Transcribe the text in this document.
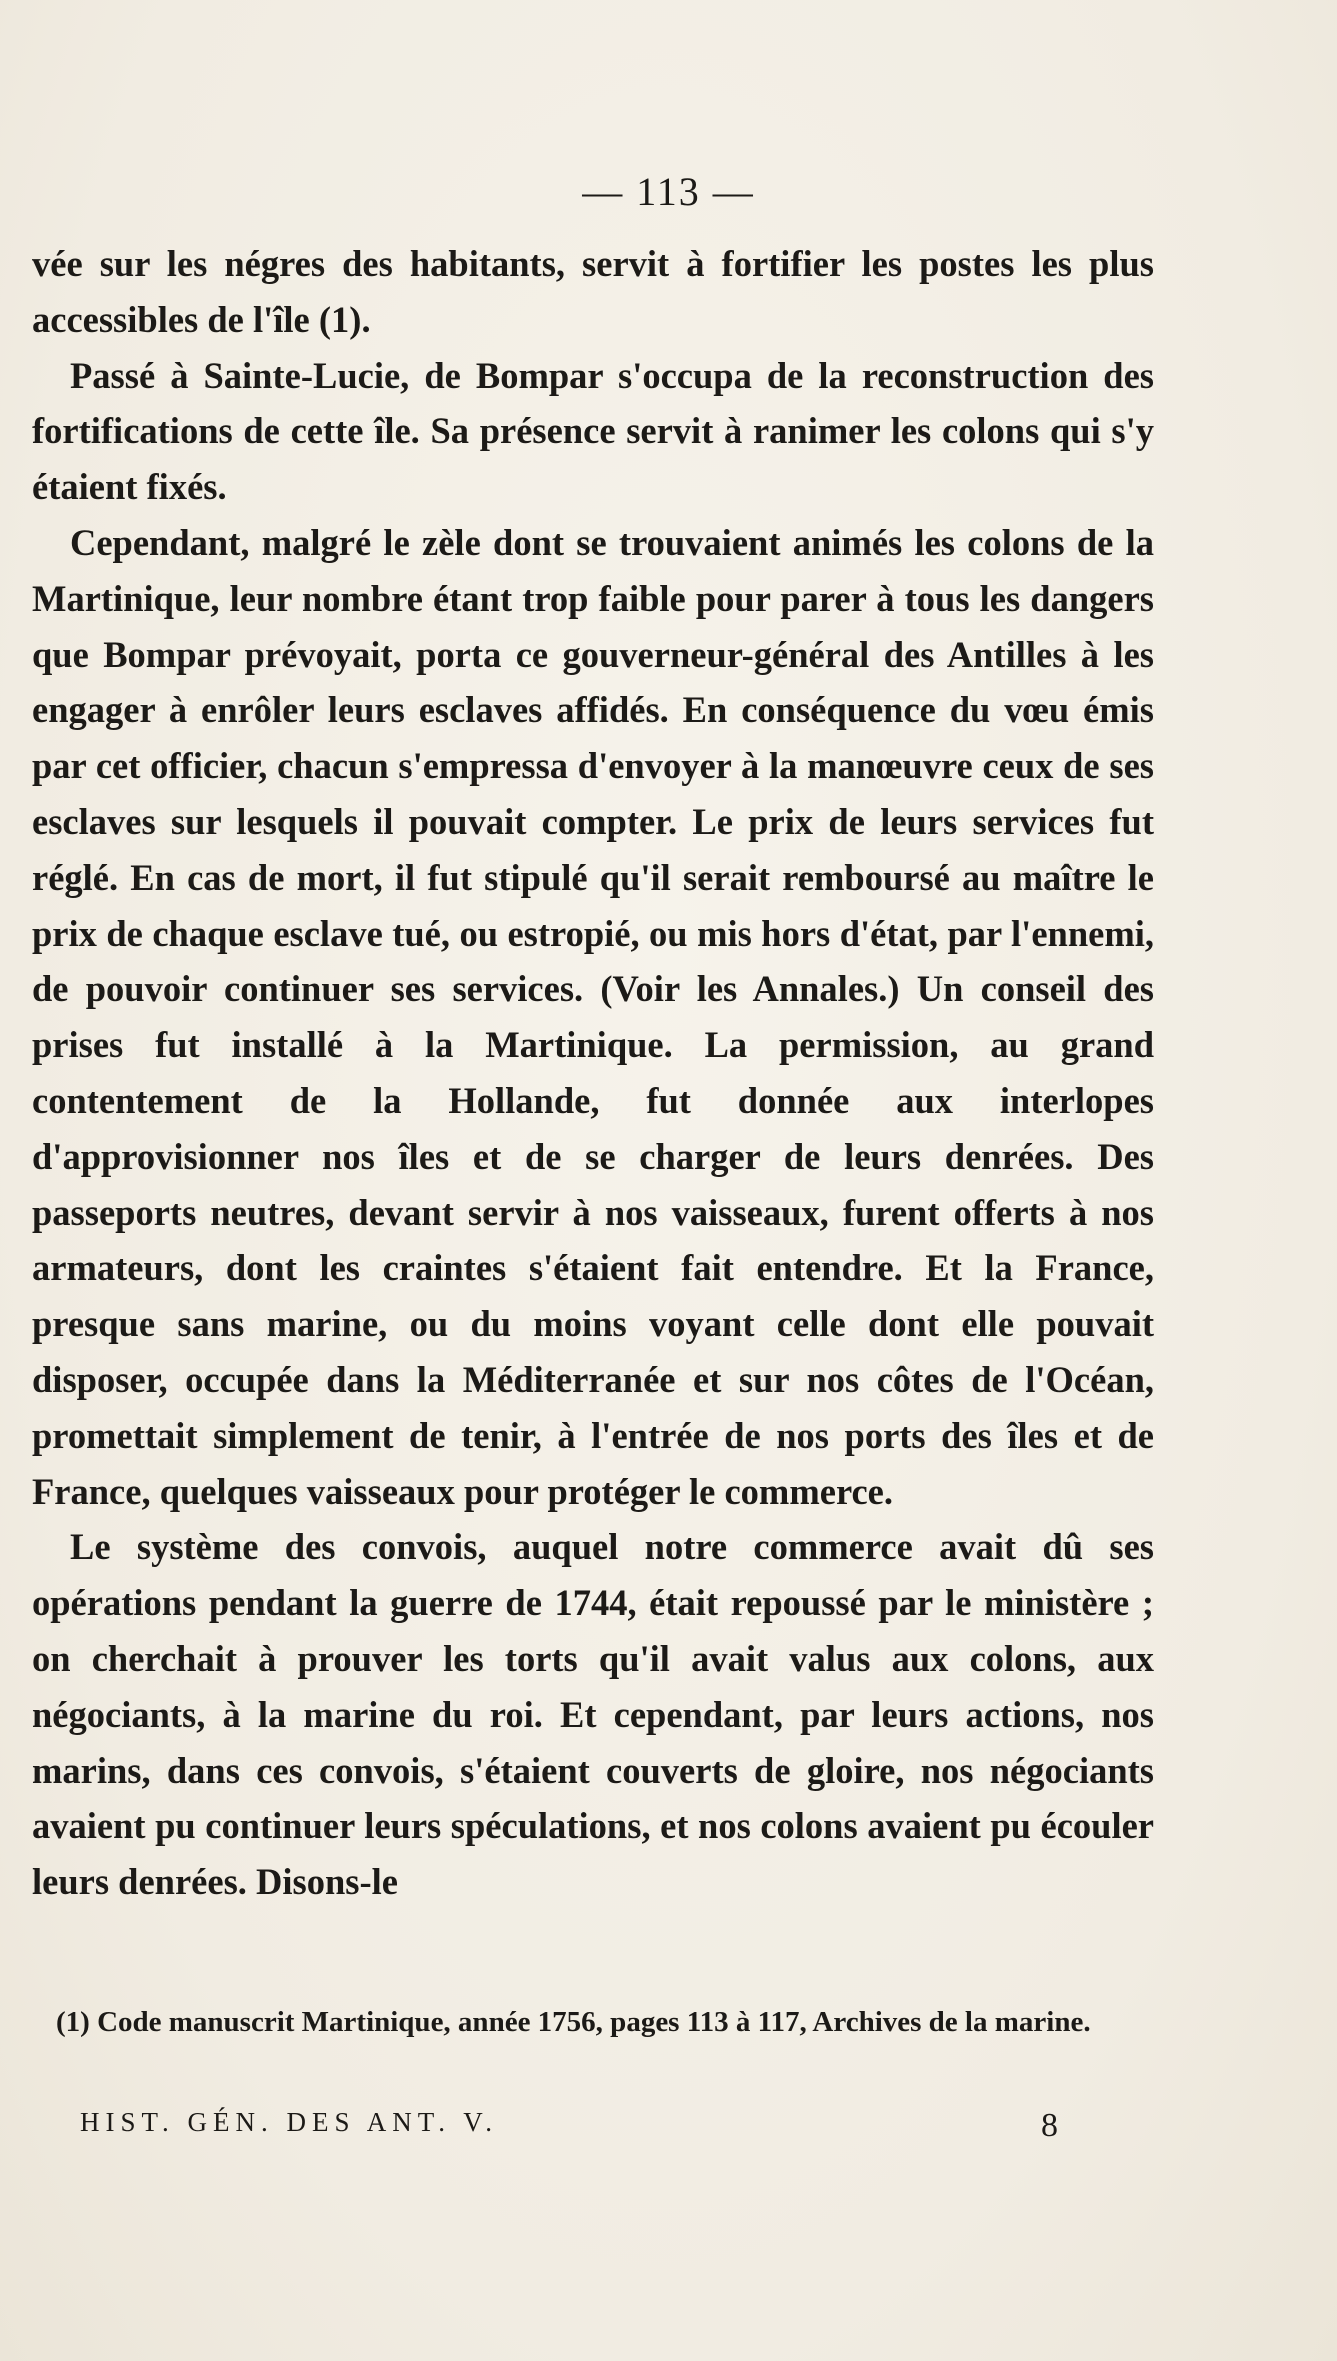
— 113 —

vée sur les négres des habitants, servit à fortifier les postes les plus accessibles de l'île (1).

Passé à Sainte-Lucie, de Bompar s'occupa de la reconstruction des fortifications de cette île. Sa présence servit à ranimer les colons qui s'y étaient fixés.

Cependant, malgré le zèle dont se trouvaient animés les colons de la Martinique, leur nombre étant trop faible pour parer à tous les dangers que Bompar prévoyait, porta ce gouverneur-général des Antilles à les engager à enrôler leurs esclaves affidés. En conséquence du vœu émis par cet officier, chacun s'empressa d'envoyer à la manœuvre ceux de ses esclaves sur lesquels il pouvait compter. Le prix de leurs services fut réglé. En cas de mort, il fut stipulé qu'il serait remboursé au maître le prix de chaque esclave tué, ou estropié, ou mis hors d'état, par l'ennemi, de pouvoir continuer ses services. (Voir les Annales.) Un conseil des prises fut installé à la Martinique. La permission, au grand contentement de la Hollande, fut donnée aux interlopes d'approvisionner nos îles et de se charger de leurs denrées. Des passeports neutres, devant servir à nos vaisseaux, furent offerts à nos armateurs, dont les craintes s'étaient fait entendre. Et la France, presque sans marine, ou du moins voyant celle dont elle pouvait disposer, occupée dans la Méditerranée et sur nos côtes de l'Océan, promettait simplement de tenir, à l'entrée de nos ports des îles et de France, quelques vaisseaux pour protéger le commerce.

Le système des convois, auquel notre commerce avait dû ses opérations pendant la guerre de 1744, était repoussé par le ministère ; on cherchait à prouver les torts qu'il avait valus aux colons, aux négociants, à la marine du roi. Et cependant, par leurs actions, nos marins, dans ces convois, s'étaient couverts de gloire, nos négociants avaient pu continuer leurs spéculations, et nos colons avaient pu écouler leurs denrées. Disons-le

(1) Code manuscrit Martinique, année 1756, pages 113 à 117, Archives de la marine.

HIST. GÉN. DES ANT. V.	8
